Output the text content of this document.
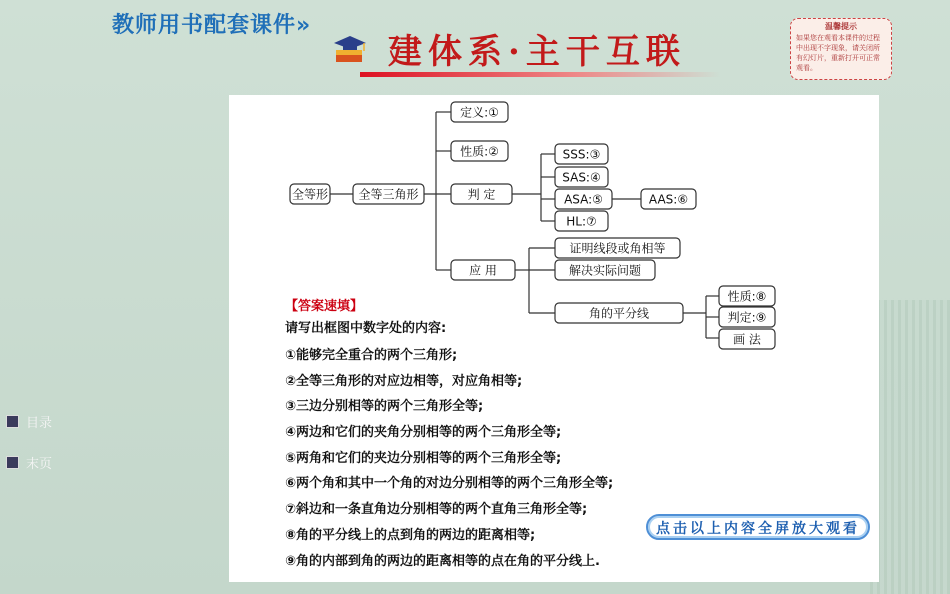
教师用书配套课件»
建体系·主干互联
温馨提示
如果您在观看本课件的过程中出现不字现象，请关闭所有幻灯片，重新打开可正常观看。
目录
末页
全等形	全等三角形
定义:①
性质:②
判 定
SSS:③
SAS:④
ASA:⑤	AAS:⑥
HL:⑦
应 用
证明线段或角相等
解决实际问题
角的平分线
性质:⑧
判定:⑨
画 法
【答案速填】
请写出框图中数字处的内容:
①能够完全重合的两个三角形;
②全等三角形的对应边相等，对应角相等;
③三边分别相等的两个三角形全等;
④两边和它们的夹角分别相等的两个三角形全等;
⑤两角和它们的夹边分别相等的两个三角形全等;
⑥两个角和其中一个角的对边分别相等的两个三角形全等;
⑦斜边和一条直角边分别相等的两个直角三角形全等;
⑧角的平分线上的点到角的两边的距离相等;
⑨角的内部到角的两边的距离相等的点在角的平分线上.
点击以上内容全屏放大观看
